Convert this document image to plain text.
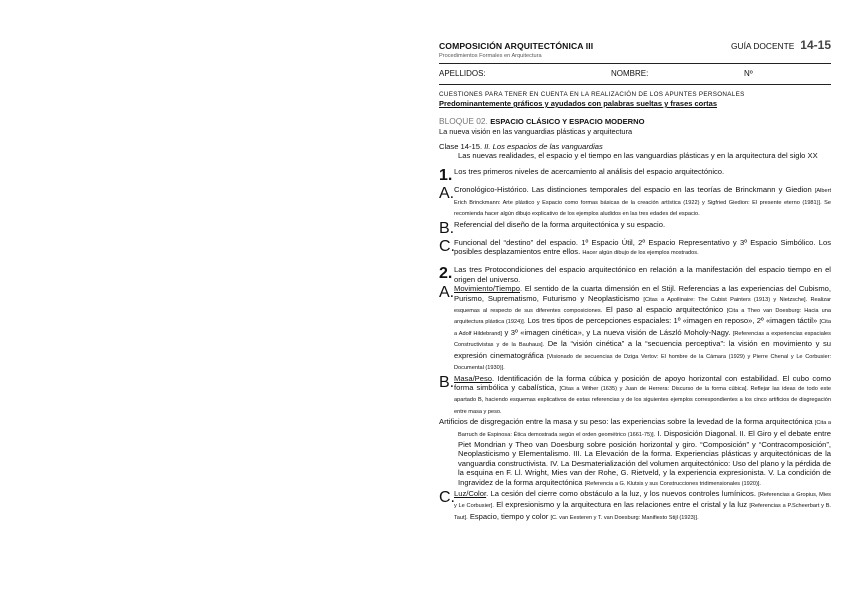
COMPOSICIÓN ARQUITECTÓNICA III	GUÍA DOCENTE 14-15
Procedimientos Formales en Arquitectura
APELLIDOS:	NOMBRE:	Nº
CUESTIONES PARA TENER EN CUENTA EN LA REALIZACIÓN DE LOS APUNTES PERSONALES
Predominantemente gráficos y ayudados con palabras sueltas y frases cortas
BLOQUE 02. ESPACIO CLÁSICO Y ESPACIO MODERNO
La nueva visión en las vanguardias plásticas y arquitectura
Clase 14-15. II. Los espacios de las vanguardias

Las nuevas realidades, el espacio y el tiempo en las vanguardias plásticas y en la arquitectura del siglo XX

1. Los tres primeros niveles de acercamiento al análisis del espacio arquitectónico.

A. Cronológico-Histórico. Las distinciones temporales del espacio en las teorías de Brinckmann y Giedion [Albert Erich Brinckmann: Arte plástico y Espacio como formas básicas de la creación artística (1922) y Sigfried Giedion: El presente eterno (1981)]. Se recomienda hacer algún dibujo explicativo de los ejemplos aludidos en las tres edades del espacio.

B. Referencial del diseño de la forma arquitectónica y su espacio.

C. Funcional del “destino” del espacio. 1º Espacio Útil, 2º Espacio Representativo y 3º Espacio Simbólico. Los posibles desplazamientos entre ellos. Hacer algún dibujo de los ejemplos mostrados.

2. Las tres Protocondiciones del espacio arquitectónico en relación a la manifestación del espacio tiempo en el origen del universo.

A. Movimiento/Tiempo. El sentido de la cuarta dimensión en el Stijl. Referencias a las experiencias del Cubismo, Purismo, Suprematismo, Futurismo y Neoplasticismo [Citas a Apollinaire: The Cubist Painters (1913) y Nietzsche]. Realizar esquemas al respecto de sus diferentes composiciones. El paso al espacio arquitectónico [Cita a Theo van Doesburg: Hacia una arquitectura plástica (1924)]. Los tres tipos de percepciones espaciales: 1º «imagen en reposo», 2º «imagen táctil» [Cita a Adolf Hildebrand] y 3º «imagen cinética», y La nueva visión de László Moholy-Nagy. [Referencias a experiencias espaciales Constructivistas y de la Bauhaus]. De la “visión cinética” a la “secuencia perceptiva”: la visión en movimiento y su expresión cinematográfica [Visionado de secuencias de Dziga Vertov: El hombre de la Cámara (1929) y Pierre Chenal y Le Corbusier: Documental (1930)].

B. Masa/Peso. Identificación de la forma cúbica y posición de apoyo horizontal con estabilidad. El cubo como forma simbólica y cabalística, [Citas a Wither (1635) y Juan de Herrera: Discurso de la forma cúbica]. Reflejar las ideas de todo este apartado B, haciendo esquemas explicativos de estas referencias y de los siguientes ejemplos correspondientes a los cinco artificios de disgregación entre masa y peso.

Artificios de disgregación entre la masa y su peso: las experiencias sobre la levedad de la forma arquitectónica [Cita a Barruch de Espinosa: Ética demostrada según el orden geométrico (1661-75)]. I. Disposición Diagonal. II. El Giro y el debate entre Piet Mondrian y Theo van Doesburg sobre posición horizontal y giro. “Composición” y “Contracomposición”, Neoplasticismo y Elementalismo. III. La Elevación de la forma. Experiencias plásticas y arquitectónicas de la vanguardia constructivista. IV. La Desmaterialización del volumen arquitectónico: Uso del plano y la pérdida de la esquina en F. Ll. Wright, Mies van der Rohe, G. Rietveld, y la experiencia expresionista. V. La condición de Ingravidez de la forma arquitectónica [Referencia a G. Klutsis y sus Construcciones tridimensionales (1920)].

C. Luz/Color. La cesión del cierre como obstáculo a la luz, y los nuevos controles lumínicos. [Referencias a Gropius, Mies y Le Corbusier]. El expresionismo y la arquitectura en las relaciones entre el cristal y la luz [Referencias a P.Scheerbart y B. Taut]. Espacio, tiempo y color [C. van Eesteren y T. van Doesburg: Manifiesto Stijl (1923)].
